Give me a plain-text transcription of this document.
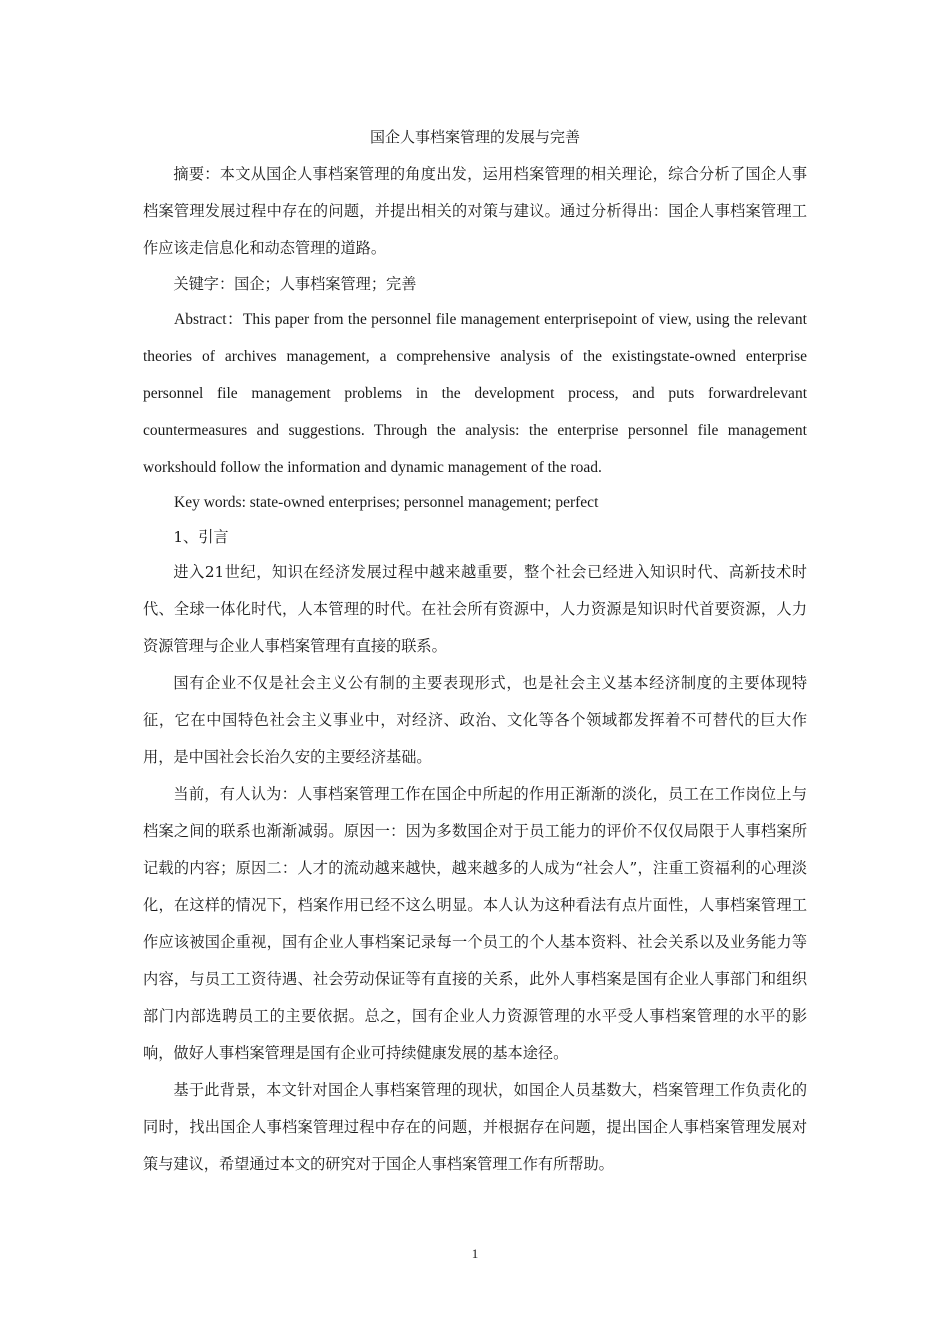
国企人事档案管理的发展与完善

摘要：本文从国企人事档案管理的角度出发，运用档案管理的相关理论，综合分析了国企人事档案管理发展过程中存在的问题，并提出相关的对策与建议。通过分析得出：国企人事档案管理工作应该走信息化和动态管理的道路。

关键字：国企；人事档案管理；完善

Abstract：This paper from the personnel file management enterprisepoint of view, using the relevant theories of archives management, a comprehensive analysis of the existingstate-owned enterprise personnel file management problems in the development process, and puts forwardrelevant countermeasures and suggestions. Through the analysis: the enterprise personnel file management workshould follow the information and dynamic management of the road.

Key words: state-owned enterprises; personnel management; perfect

1、引言

进入21世纪，知识在经济发展过程中越来越重要，整个社会已经进入知识时代、高新技术时代、全球一体化时代，人本管理的时代。在社会所有资源中，人力资源是知识时代首要资源，人力资源管理与企业人事档案管理有直接的联系。

国有企业不仅是社会主义公有制的主要表现形式，也是社会主义基本经济制度的主要体现特征，它在中国特色社会主义事业中，对经济、政治、文化等各个领域都发挥着不可替代的巨大作用，是中国社会长治久安的主要经济基础。

当前，有人认为：人事档案管理工作在国企中所起的作用正渐渐的淡化，员工在工作岗位上与档案之间的联系也渐渐减弱。原因一：因为多数国企对于员工能力的评价不仅仅局限于人事档案所记载的内容；原因二：人才的流动越来越快，越来越多的人成为“社会人”，注重工资福利的心理淡化，在这样的情况下，档案作用已经不这么明显。本人认为这种看法有点片面性，人事档案管理工作应该被国企重视，国有企业人事档案记录每一个员工的个人基本资料、社会关系以及业务能力等内容，与员工工资待遇、社会劳动保证等有直接的关系，此外人事档案是国有企业人事部门和组织部门内部选聘员工的主要依据。总之，国有企业人力资源管理的水平受人事档案管理的水平的影响，做好人事档案管理是国有企业可持续健康发展的基本途径。

基于此背景，本文针对国企人事档案管理的现状，如国企人员基数大，档案管理工作负责化的同时，找出国企人事档案管理过程中存在的问题，并根据存在问题，提出国企人事档案管理发展对策与建议，希望通过本文的研究对于国企人事档案管理工作有所帮助。

1
